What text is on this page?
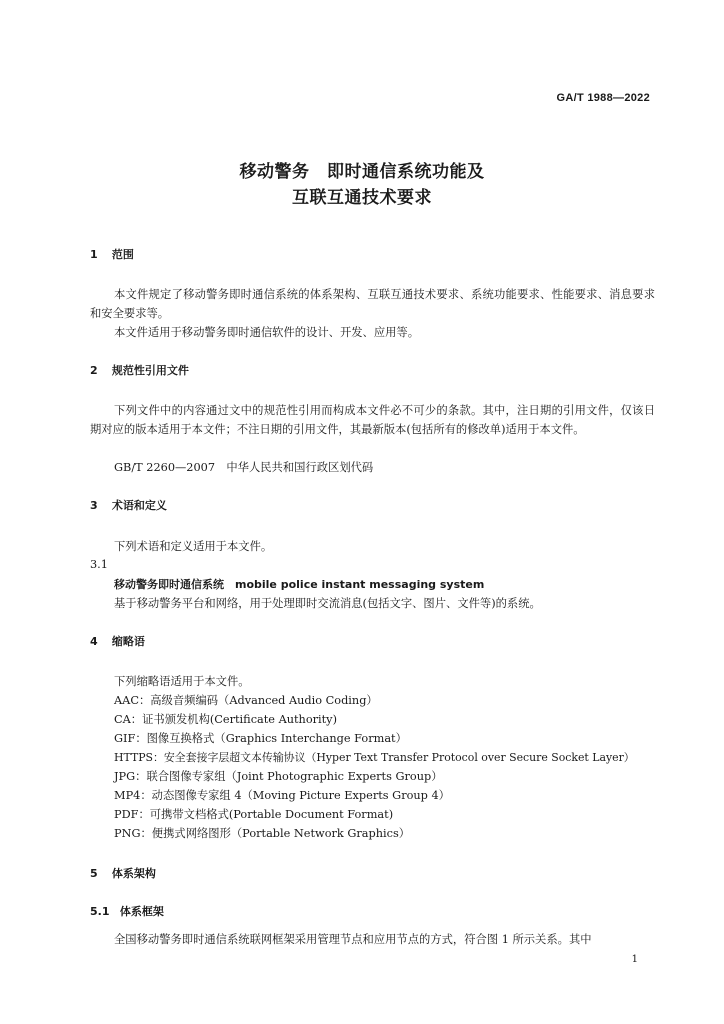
GA/T 1988—2022
移动警务　即时通信系统功能及
互联互通技术要求
1 范围
本文件规定了移动警务即时通信系统的体系架构、互联互通技术要求、系统功能要求、性能要求、消息要求和安全要求等。
本文件适用于移动警务即时通信软件的设计、开发、应用等。
2 规范性引用文件
下列文件中的内容通过文中的规范性引用而构成本文件必不可少的条款。其中，注日期的引用文件，仅该日期对应的版本适用于本文件；不注日期的引用文件，其最新版本(包括所有的修改单)适用于本文件。
GB/T 2260—2007　中华人民共和国行政区划代码
3 术语和定义
下列术语和定义适用于本文件。
3.1
移动警务即时通信系统　mobile police instant messaging system
基于移动警务平台和网络，用于处理即时交流消息(包括文字、图片、文件等)的系统。
4 缩略语
下列缩略语适用于本文件。
AAC：高级音频编码（Advanced Audio Coding）
CA：证书颁发机构(Certificate Authority)
GIF：图像互换格式（Graphics Interchange Format）
HTTPS：安全套接字层超文本传输协议（Hyper Text Transfer Protocol over Secure Socket Layer）
JPG：联合图像专家组（Joint Photographic Experts Group）
MP4：动态图像专家组 4（Moving Picture Experts Group 4）
PDF：可携带文档格式(Portable Document Format)
PNG：便携式网络图形（Portable Network Graphics）
5 体系架构
5.1 体系框架
全国移动警务即时通信系统联网框架采用管理节点和应用节点的方式，符合图 1 所示关系。其中
1
